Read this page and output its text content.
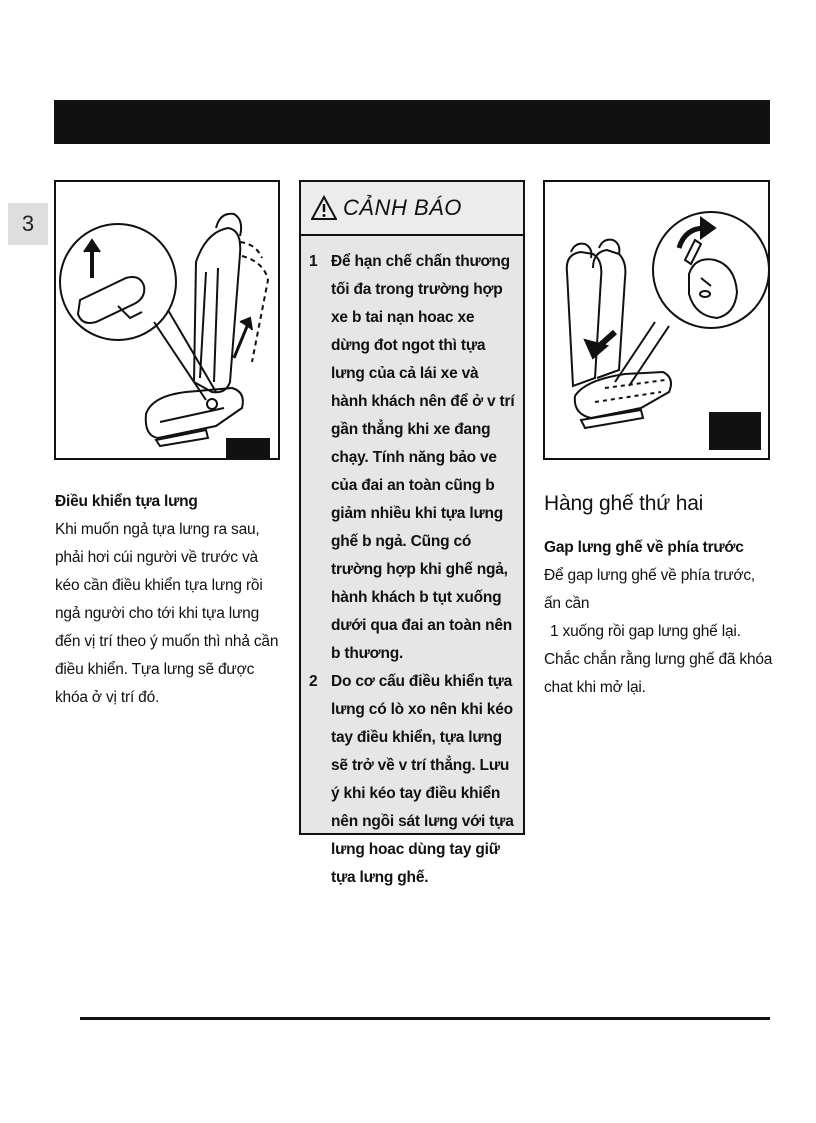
3
Điều khiển tựa lưng
Khi muốn ngả tựa lưng ra sau, phải hơi cúi người về trước và kéo cần điều khiển tựa lưng rồi ngả người cho tới khi tựa lưng đến vị trí theo ý muốn thì nhả cần điều khiển. Tựa lưng sẽ được khóa ở vị trí đó.
CẢNH BÁO
1 Để hạn chế chấn thương tối đa trong trường hợp xe b tai nạn hoac xe dừng đot ngot thì tựa lưng của cả lái xe và hành khách nên để ở v trí gần thẳng khi xe đang chạy. Tính năng bảo ve của đai an toàn cũng b giảm nhiều khi tựa lưng ghế b ngả. Cũng có trường hợp khi ghế ngả, hành khách b tụt xuống dưới qua đai an toàn nên b thương.
2 Do cơ cấu điều khiển tựa lưng có lò xo nên khi kéo tay điều khiển, tựa lưng sẽ trở về v trí thẳng. Lưu ý khi kéo tay điều khiển nên ngồi sát lưng với tựa lưng hoac dùng tay giữ tựa lưng ghế.
Hàng ghế thứ hai
Gap lưng ghế về phía trước
Để gap lưng ghế về phía trước, ấn cần
1 xuống rồi gap lưng ghế lại.
Chắc chắn rằng lưng ghế đã khóa chat khi mở lại.
